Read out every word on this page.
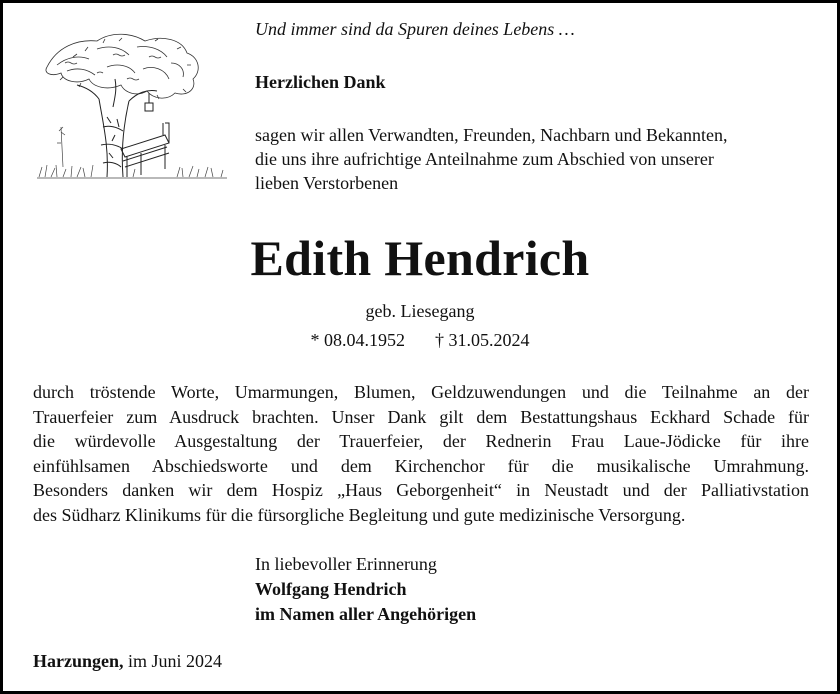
Und immer sind da Spuren deines Lebens …
Herzlichen Dank
sagen wir allen Verwandten, Freunden, Nachbarn und Bekannten,
die uns ihre aufrichtige Anteilnahme zum Abschied von unserer
lieben Verstorbenen
Edith Hendrich
geb. Liesegang
* 08.04.1952 † 31.05.2024
durch tröstende Worte, Umarmungen, Blumen, Geldzuwendungen und die Teilnahme an der
Trauerfeier zum Ausdruck brachten. Unser Dank gilt dem Bestattungshaus Eckhard Schade für
die würdevolle Ausgestaltung der Trauerfeier, der Rednerin Frau Laue-Jödicke für ihre
einfühlsamen Abschiedsworte und dem Kirchenchor für die musikalische Umrahmung.
Besonders danken wir dem Hospiz „Haus Geborgenheit“ in Neustadt und der Palliativstation
des Südharz Klinikums für die fürsorgliche Begleitung und gute medizinische Versorgung.
In liebevoller Erinnerung
Wolfgang Hendrich
im Namen aller Angehörigen
Harzungen, im Juni 2024
